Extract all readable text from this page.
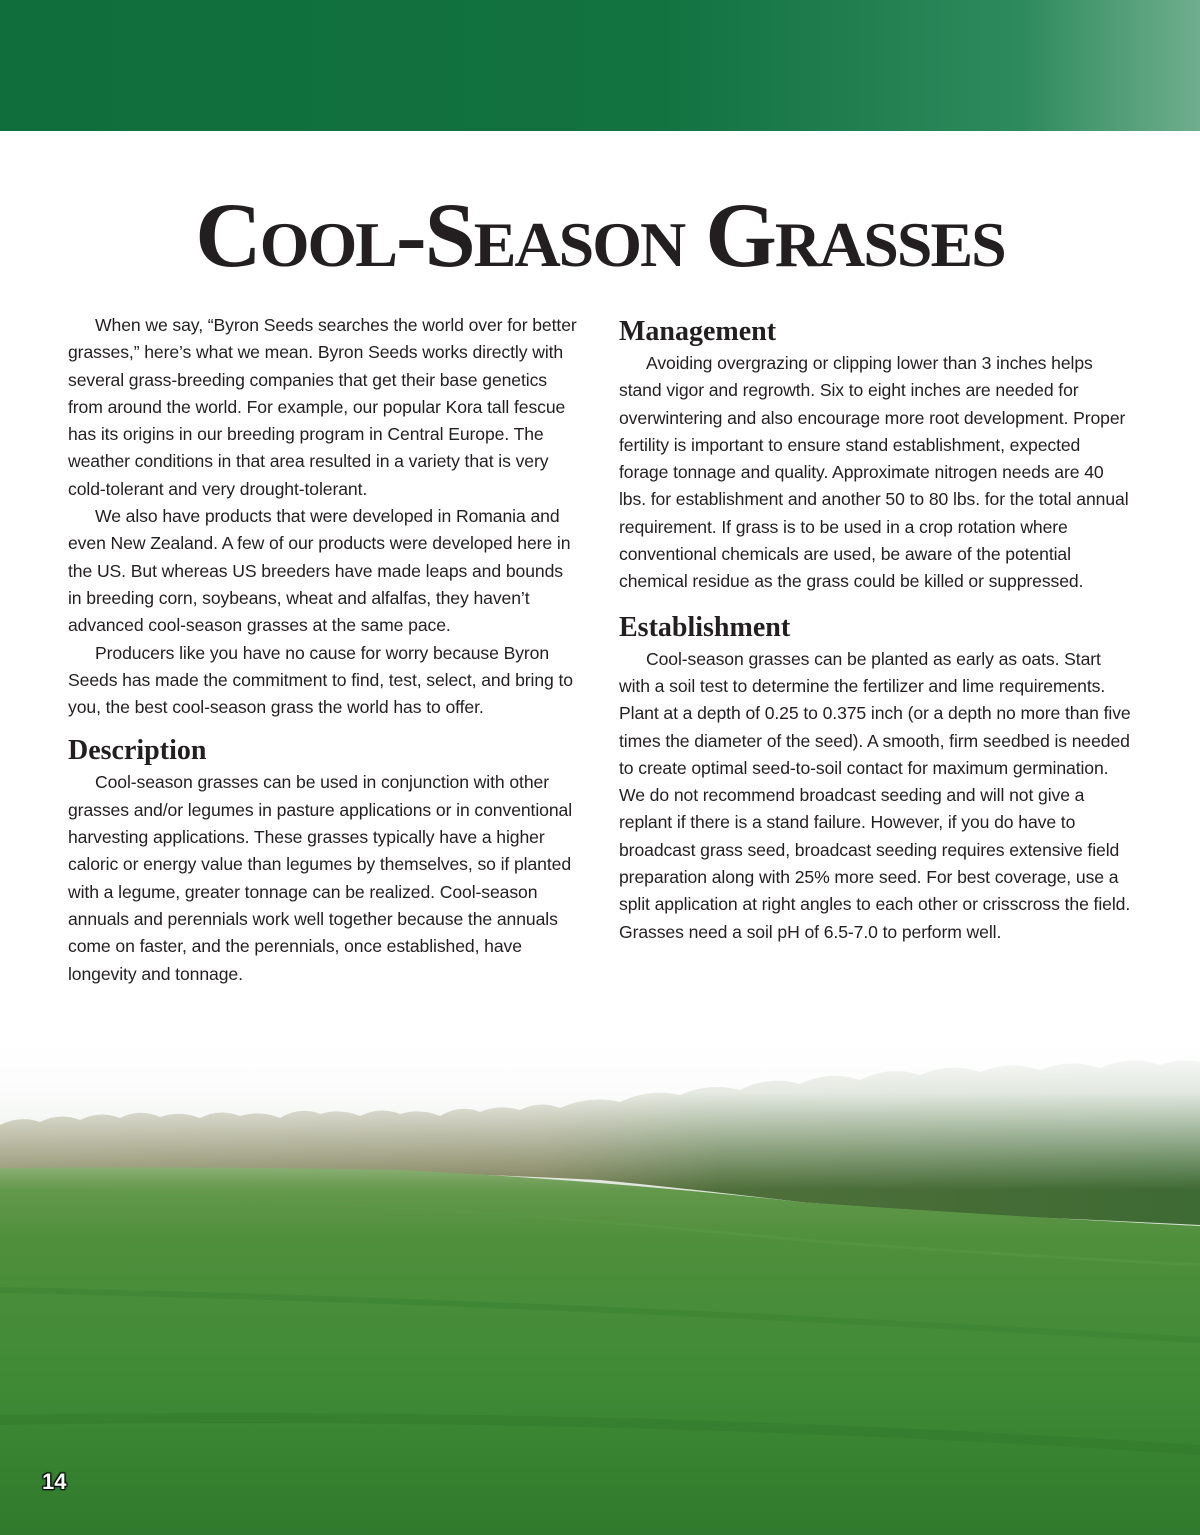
Cool-Season Grasses

When we say, “Byron Seeds searches the world over for better grasses,” here’s what we mean. Byron Seeds works directly with several grass-breeding companies that get their base genetics from around the world. For example, our popular Kora tall fescue has its origins in our breeding program in Central Europe. The weather conditions in that area resulted in a variety that is very cold-tolerant and very drought-tolerant.

We also have products that were developed in Romania and even New Zealand. A few of our products were developed here in the US. But whereas US breeders have made leaps and bounds in breeding corn, soybeans, wheat and alfalfas, they haven’t advanced cool-season grasses at the same pace.

Producers like you have no cause for worry because Byron Seeds has made the commitment to find, test, select, and bring to you, the best cool-season grass the world has to offer.

Description

Cool-season grasses can be used in conjunction with other grasses and/or legumes in pasture applications or in conventional harvesting applications. These grasses typically have a higher caloric or energy value than legumes by themselves, so if planted with a legume, greater tonnage can be realized. Cool-season annuals and perennials work well together because the annuals come on faster, and the perennials, once established, have longevity and tonnage.

Management

Avoiding overgrazing or clipping lower than 3 inches helps stand vigor and regrowth. Six to eight inches are needed for overwintering and also encourage more root development. Proper fertility is important to ensure stand establishment, expected forage tonnage and quality. Approximate nitrogen needs are 40 lbs. for establishment and another 50 to 80 lbs. for the total annual requirement. If grass is to be used in a crop rotation where conventional chemicals are used, be aware of the potential chemical residue as the grass could be killed or suppressed.

Establishment

Cool-season grasses can be planted as early as oats. Start with a soil test to determine the fertilizer and lime requirements. Plant at a depth of 0.25 to 0.375 inch (or a depth no more than five times the diameter of the seed). A smooth, firm seedbed is needed to create optimal seed-to-soil contact for maximum germination. We do not recommend broadcast seeding and will not give a replant if there is a stand failure. However, if you do have to broadcast grass seed, broadcast seeding requires extensive field preparation along with 25% more seed. For best coverage, use a split application at right angles to each other or crisscross the field. Grasses need a soil pH of 6.5-7.0 to perform well.

14
